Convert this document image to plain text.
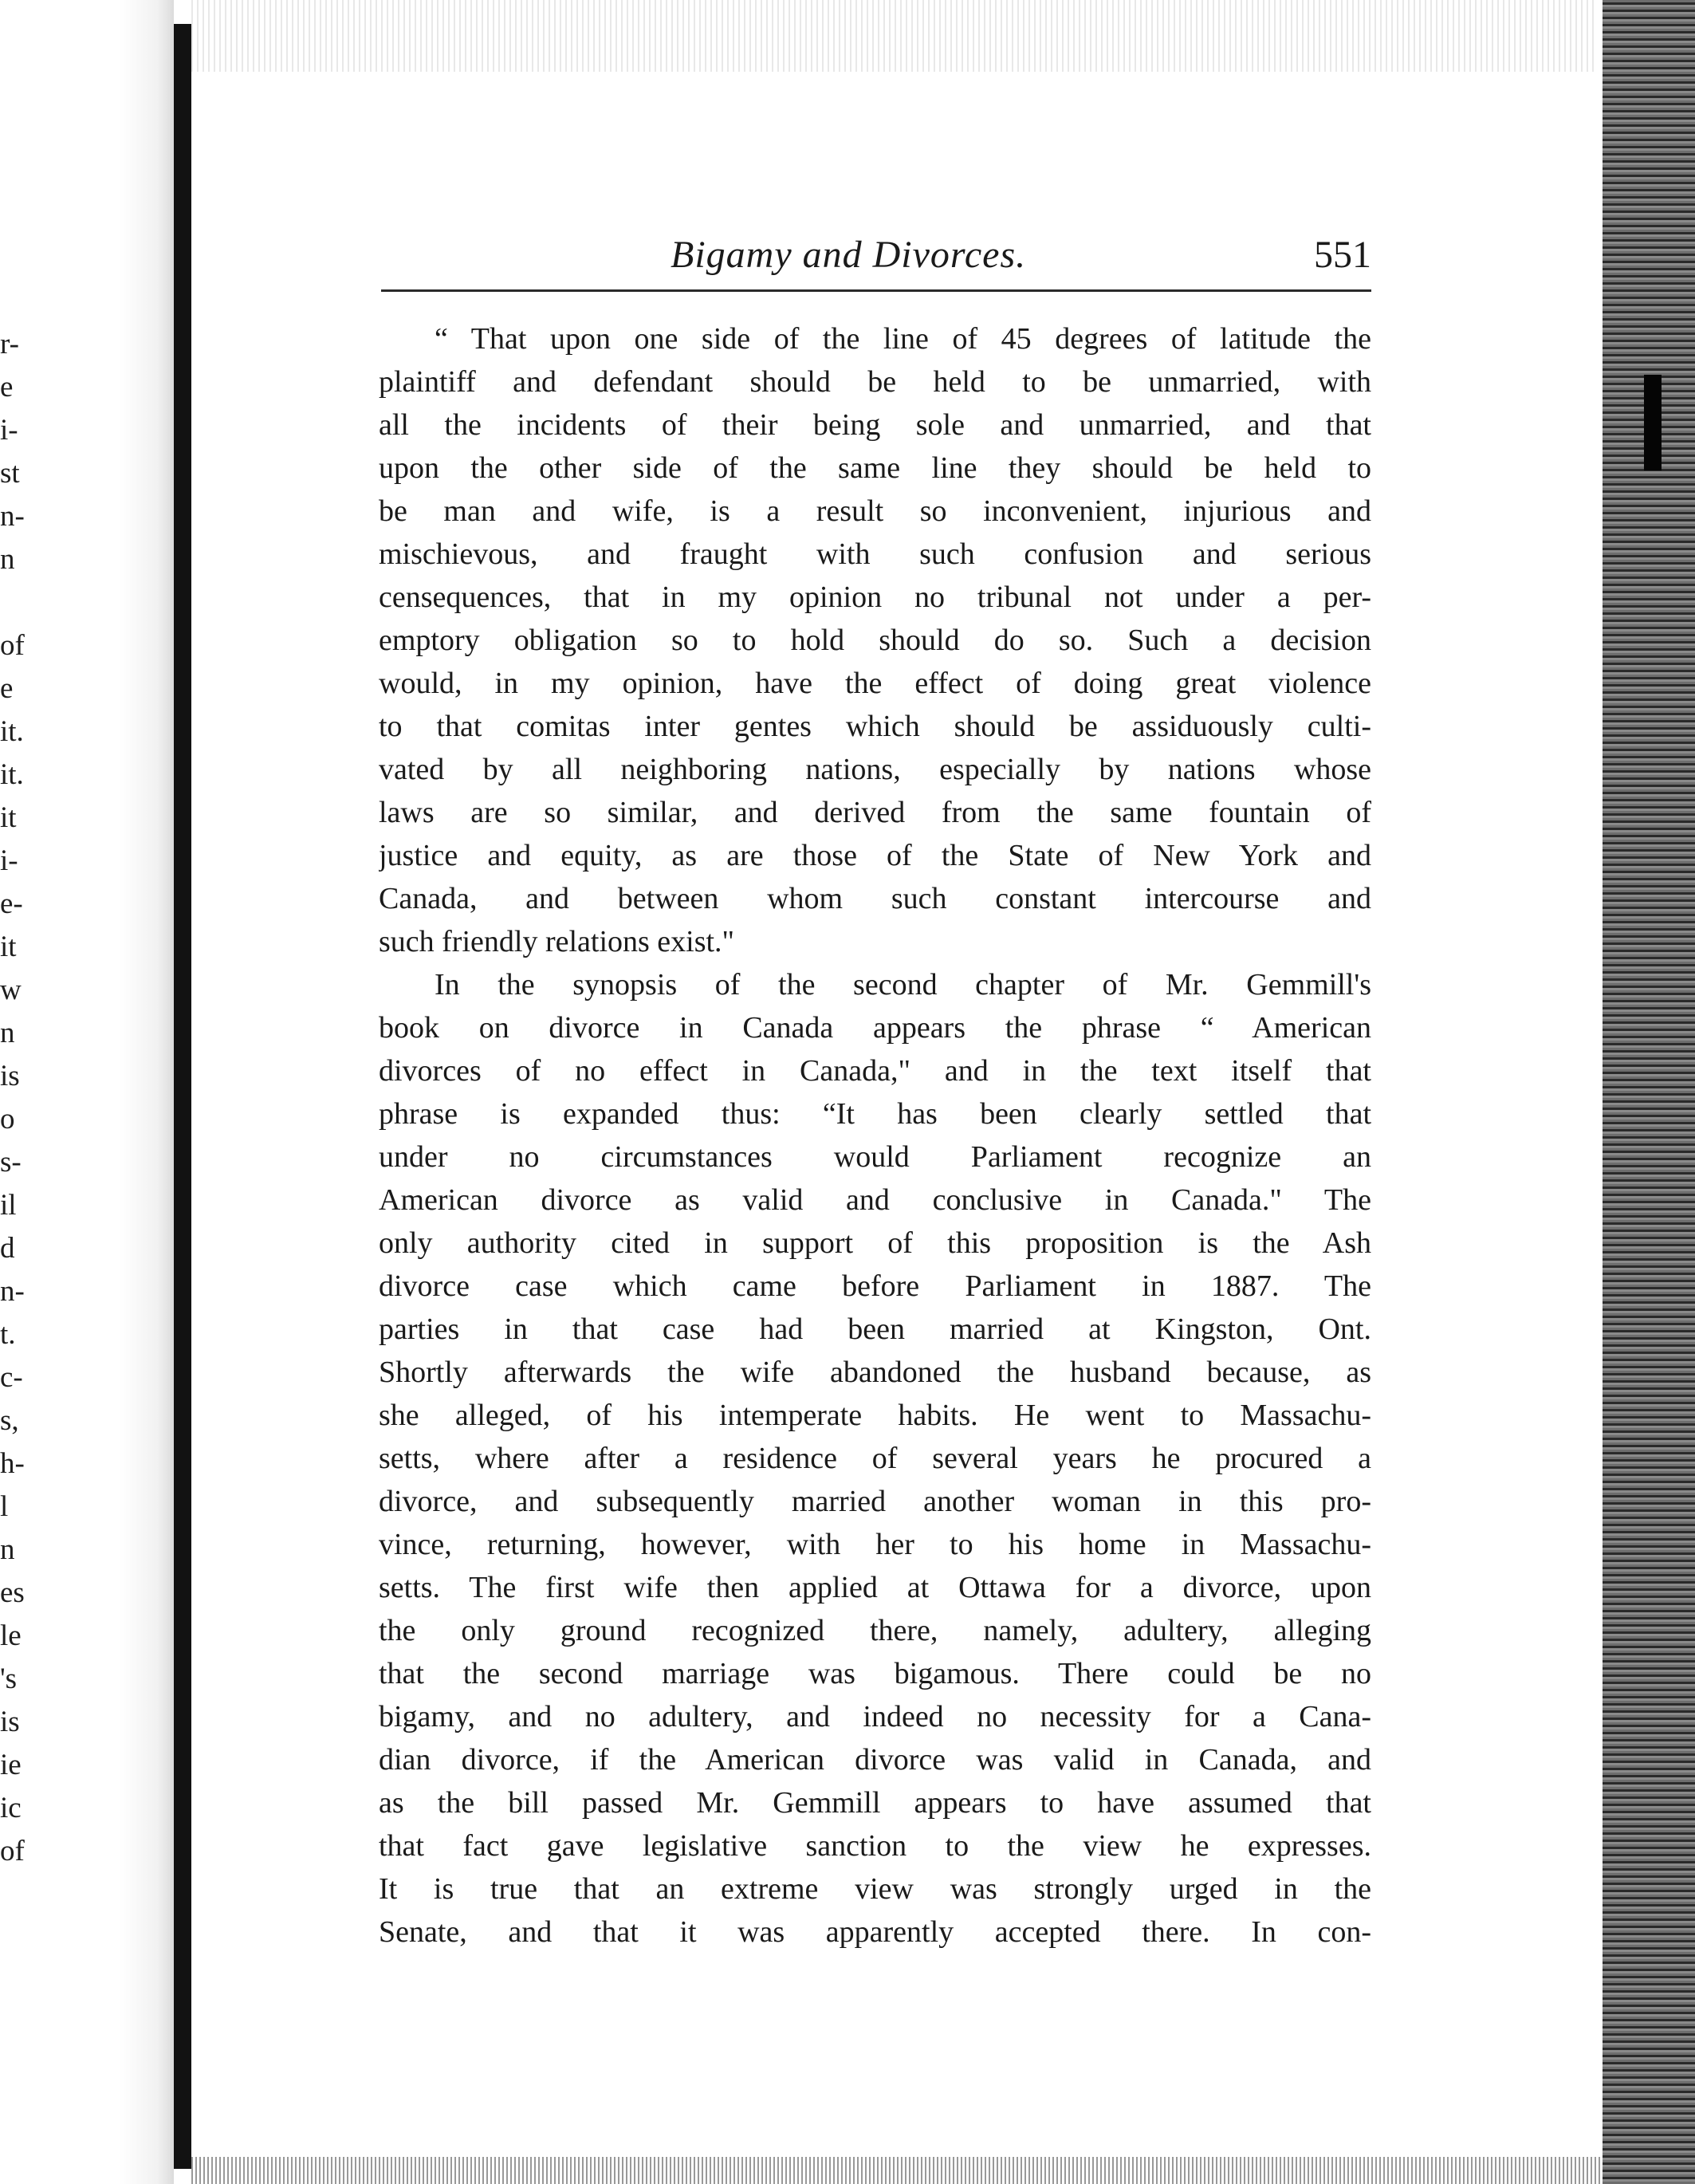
r-
e
i-
st
n-
n
of
e
it.
it.
it
i-
e-
it
w
n
is
o
s-
il
d
n-
t.
c-
s,
h-
l
n
es
le
's
is
ie
ic
of
Bigamy and Divorces.	551
“ That upon one side of the line of 45 degrees of latitude the
plaintiff and defendant should be held to be unmarried, with
all the incidents of their being sole and unmarried, and that
upon the other side of the same line they should be held to
be man and wife, is a result so inconvenient, injurious and
mischievous, and fraught with such confusion and serious
censequences, that in my opinion no tribunal not under a per-
emptory obligation so to hold should do so. Such a decision
would, in my opinion, have the effect of doing great violence
to that comitas inter gentes which should be assiduously culti-
vated by all neighboring nations, especially by nations whose
laws are so similar, and derived from the same fountain of
justice and equity, as are those of the State of New York and
Canada, and between whom such constant intercourse and
such friendly relations exist."
In the synopsis of the second chapter of Mr. Gemmill's
book on divorce in Canada appears the phrase “ American
divorces of no effect in Canada," and in the text itself that
phrase is expanded thus: “It has been clearly settled that
under no circumstances would Parliament recognize an
American divorce as valid and conclusive in Canada." The
only authority cited in support of this proposition is the Ash
divorce case which came before Parliament in 1887. The
parties in that case had been married at Kingston, Ont.
Shortly afterwards the wife abandoned the husband because, as
she alleged, of his intemperate habits. He went to Massachu-
setts, where after a residence of several years he procured a
divorce, and subsequently married another woman in this pro-
vince, returning, however, with her to his home in Massachu-
setts. The first wife then applied at Ottawa for a divorce, upon
the only ground recognized there, namely, adultery, alleging
that the second marriage was bigamous. There could be no
bigamy, and no adultery, and indeed no necessity for a Cana-
dian divorce, if the American divorce was valid in Canada, and
as the bill passed Mr. Gemmill appears to have assumed that
that fact gave legislative sanction to the view he expresses.
It is true that an extreme view was strongly urged in the
Senate, and that it was apparently accepted there. In con-
